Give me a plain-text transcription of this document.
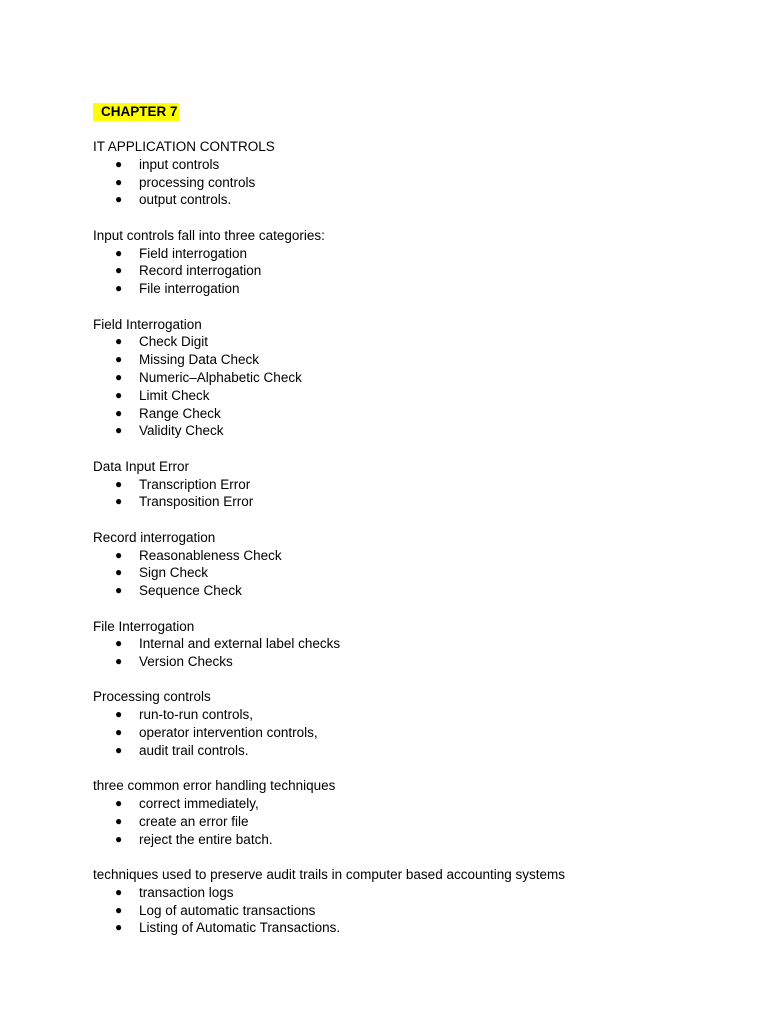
CHAPTER 7
IT APPLICATION CONTROLS
● input controls
● processing controls
● output controls.
Input controls fall into three categories:
● Field interrogation
● Record interrogation
● File interrogation
Field Interrogation
● Check Digit
● Missing Data Check
● Numeric–Alphabetic Check
● Limit Check
● Range Check
● Validity Check
Data Input Error
● Transcription Error
● Transposition Error
Record interrogation
● Reasonableness Check
● Sign Check
● Sequence Check
File Interrogation
● Internal and external label checks
● Version Checks
Processing controls
● run-to-run controls,
● operator intervention controls,
● audit trail controls.
three common error handling techniques
● correct immediately,
● create an error file
● reject the entire batch.
techniques used to preserve audit trails in computer based accounting systems
● transaction logs
● Log of automatic transactions
● Listing of Automatic Transactions.
